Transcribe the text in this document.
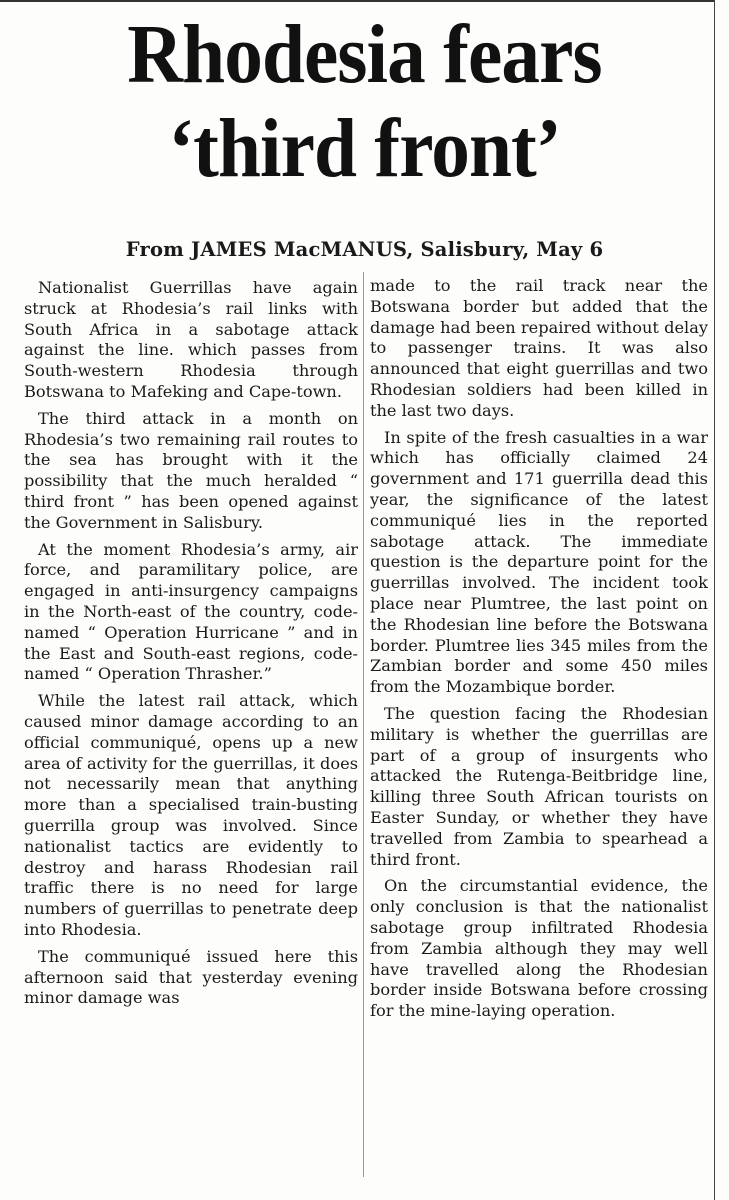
Rhodesia fears
‘third front’
From JAMES MacMANUS, Salisbury, May 6

Nationalist Guerrillas have again struck at Rhodesia’s rail links with South Africa in a sabotage attack against the line. which passes from South-western Rhodesia through Botswana to Mafeking and Cape-town.

The third attack in a month on Rhodesia’s two remaining rail routes to the sea has brought with it the possibility that the much heralded “ third front ” has been opened against the Government in Salisbury.

At the moment Rhodesia’s army, air force, and paramilitary police, are engaged in anti-insurgency campaigns in the North-east of the country, code-named “ Operation Hurricane ” and in the East and South-east regions, code-named “ Operation Thrasher.”

While the latest rail attack, which caused minor damage according to an official communiqué, opens up a new area of activity for the guerrillas, it does not necessarily mean that anything more than a specialised train-busting guerrilla group was involved. Since nationalist tactics are evidently to destroy and harass Rhodesian rail traffic there is no need for large numbers of guerrillas to penetrate deep into Rhodesia.

The communiqué issued here this afternoon said that yesterday evening minor damage was

made to the rail track near the Botswana border but added that the damage had been repaired without delay to passenger trains. It was also announced that eight guerrillas and two Rhodesian soldiers had been killed in the last two days.

In spite of the fresh casualties in a war which has officially claimed 24 government and 171 guerrilla dead this year, the significance of the latest communiqué lies in the reported sabotage attack. The immediate question is the departure point for the guerrillas involved. The incident took place near Plumtree, the last point on the Rhodesian line before the Botswana border. Plumtree lies 345 miles from the Zambian border and some 450 miles from the Mozambique border.

The question facing the Rhodesian military is whether the guerrillas are part of a group of insurgents who attacked the Rutenga-Beitbridge line, killing three South African tourists on Easter Sunday, or whether they have travelled from Zambia to spearhead a third front.

On the circumstantial evidence, the only conclusion is that the nationalist sabotage group infiltrated Rhodesia from Zambia although they may well have travelled along the Rhodesian border inside Botswana before crossing for the mine-laying operation.
